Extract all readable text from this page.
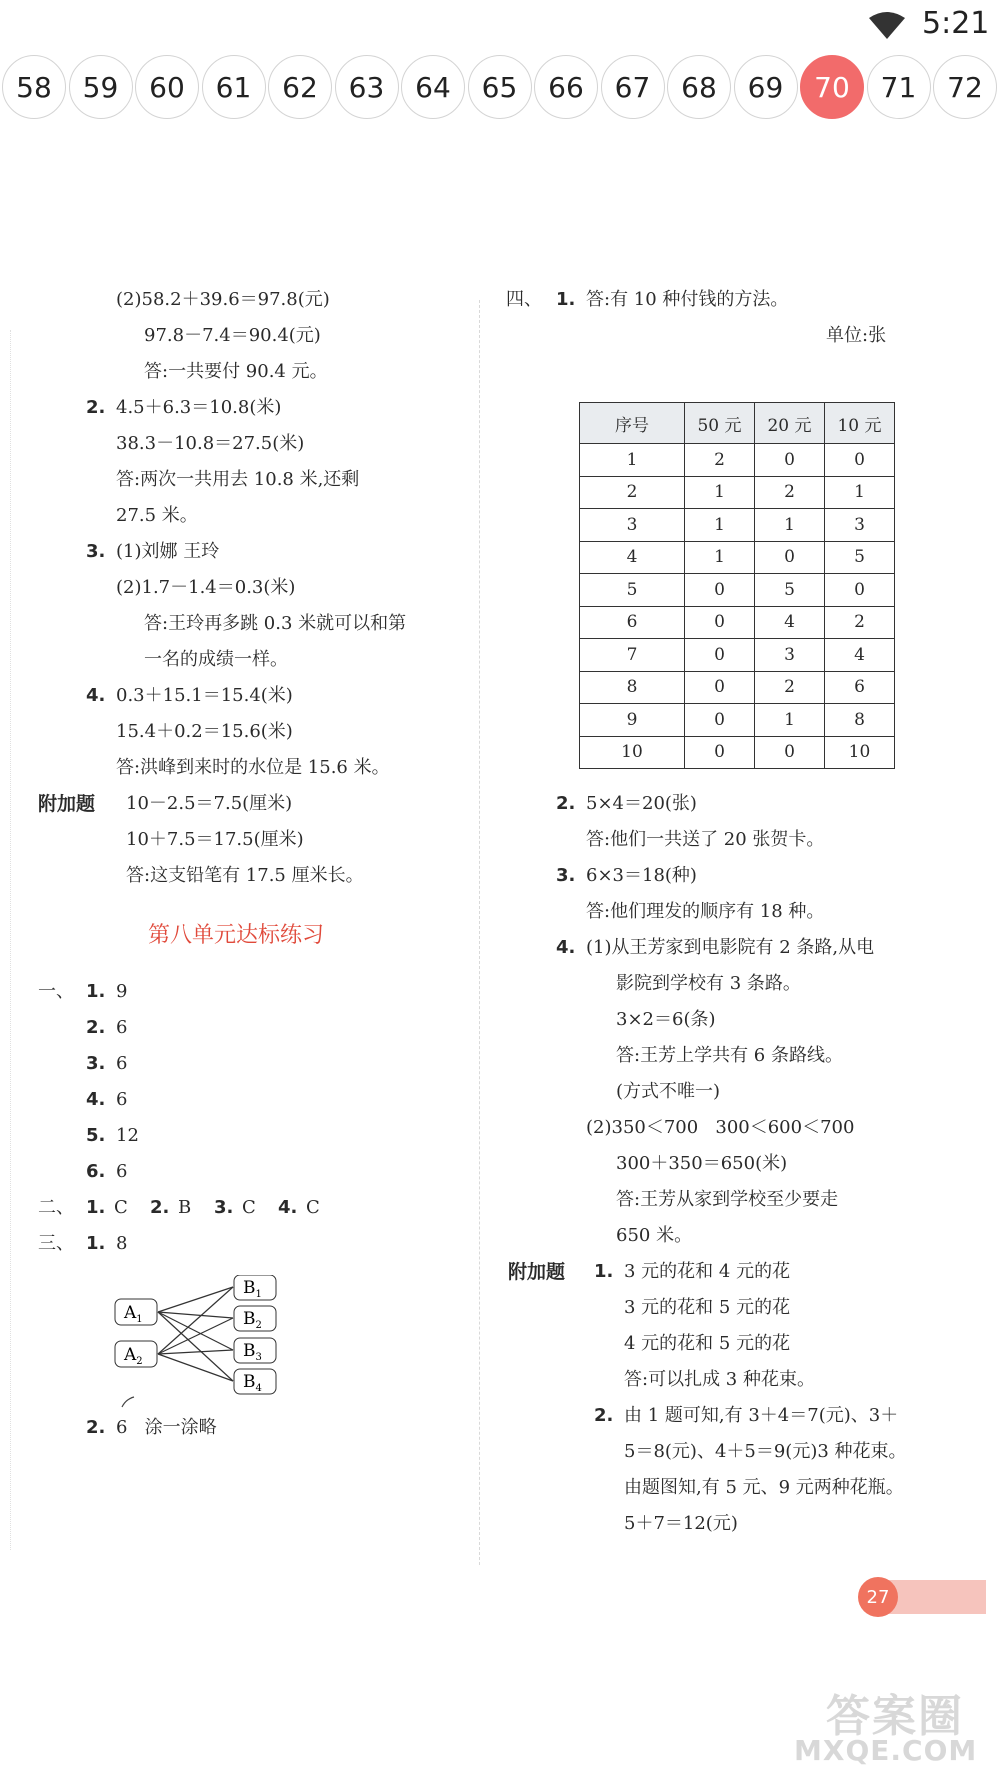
5:21
58	59	60	61	62	63	64	65	66	67	68	69	70	71	72
(2)58.2＋39.6＝97.8(元)
97.8－7.4＝90.4(元)
答:一共要付 90.4 元。
2. 4.5＋6.3＝10.8(米)
38.3－10.8＝27.5(米)
答:两次一共用去 10.8 米,还剩
27.5 米。
3. (1)刘娜 王玲
(2)1.7－1.4＝0.3(米)
答:王玲再多跳 0.3 米就可以和第
一名的成绩一样。
4. 0.3＋15.1＝15.4(米)
15.4＋0.2＝15.6(米)
答:洪峰到来时的水位是 15.6 米。
附加题 10－2.5＝7.5(厘米)
10＋7.5＝17.5(厘米)
答:这支铅笔有 17.5 厘米长。
第八单元达标练习
一、 1. 9
2. 6
3. 6
4. 6
5. 12
6. 6
二、 1. C 2. B 3. C 4. C
三、 1. 8
$A_1$
$A_2$
$B_1$
$B_2$
$B_3$
$B_4$
2. 6   涂一涂略
四、 1. 答:有 10 种付钱的方法。
单位:张
序号	50 元	20 元	10 元
1	2	0	0
2	1	2	1
3	1	1	3
4	1	0	5
5	0	5	0
6	0	4	2
7	0	3	4
8	0	2	6
9	0	1	8
10	0	0	10
2. 5×4＝20(张)
答:他们一共送了 20 张贺卡。
3. 6×3＝18(种)
答:他们理发的顺序有 18 种。
4. (1)从王芳家到电影院有 2 条路,从电
影院到学校有 3 条路。
3×2＝6(条)
答:王芳上学共有 6 条路线。
(方式不唯一)
(2)350＜700   300＜600＜700
300＋350＝650(米)
答:王芳从家到学校至少要走
650 米。
附加题 1. 3 元的花和 4 元的花
3 元的花和 5 元的花
4 元的花和 5 元的花
答:可以扎成 3 种花束。
2. 由 1 题可知,有 3＋4＝7(元)、3＋
5＝8(元)、4＋5＝9(元)3 种花束。
由题图知,有 5 元、9 元两种花瓶。
5＋7＝12(元)
27
答案圈
MXQE.COM
